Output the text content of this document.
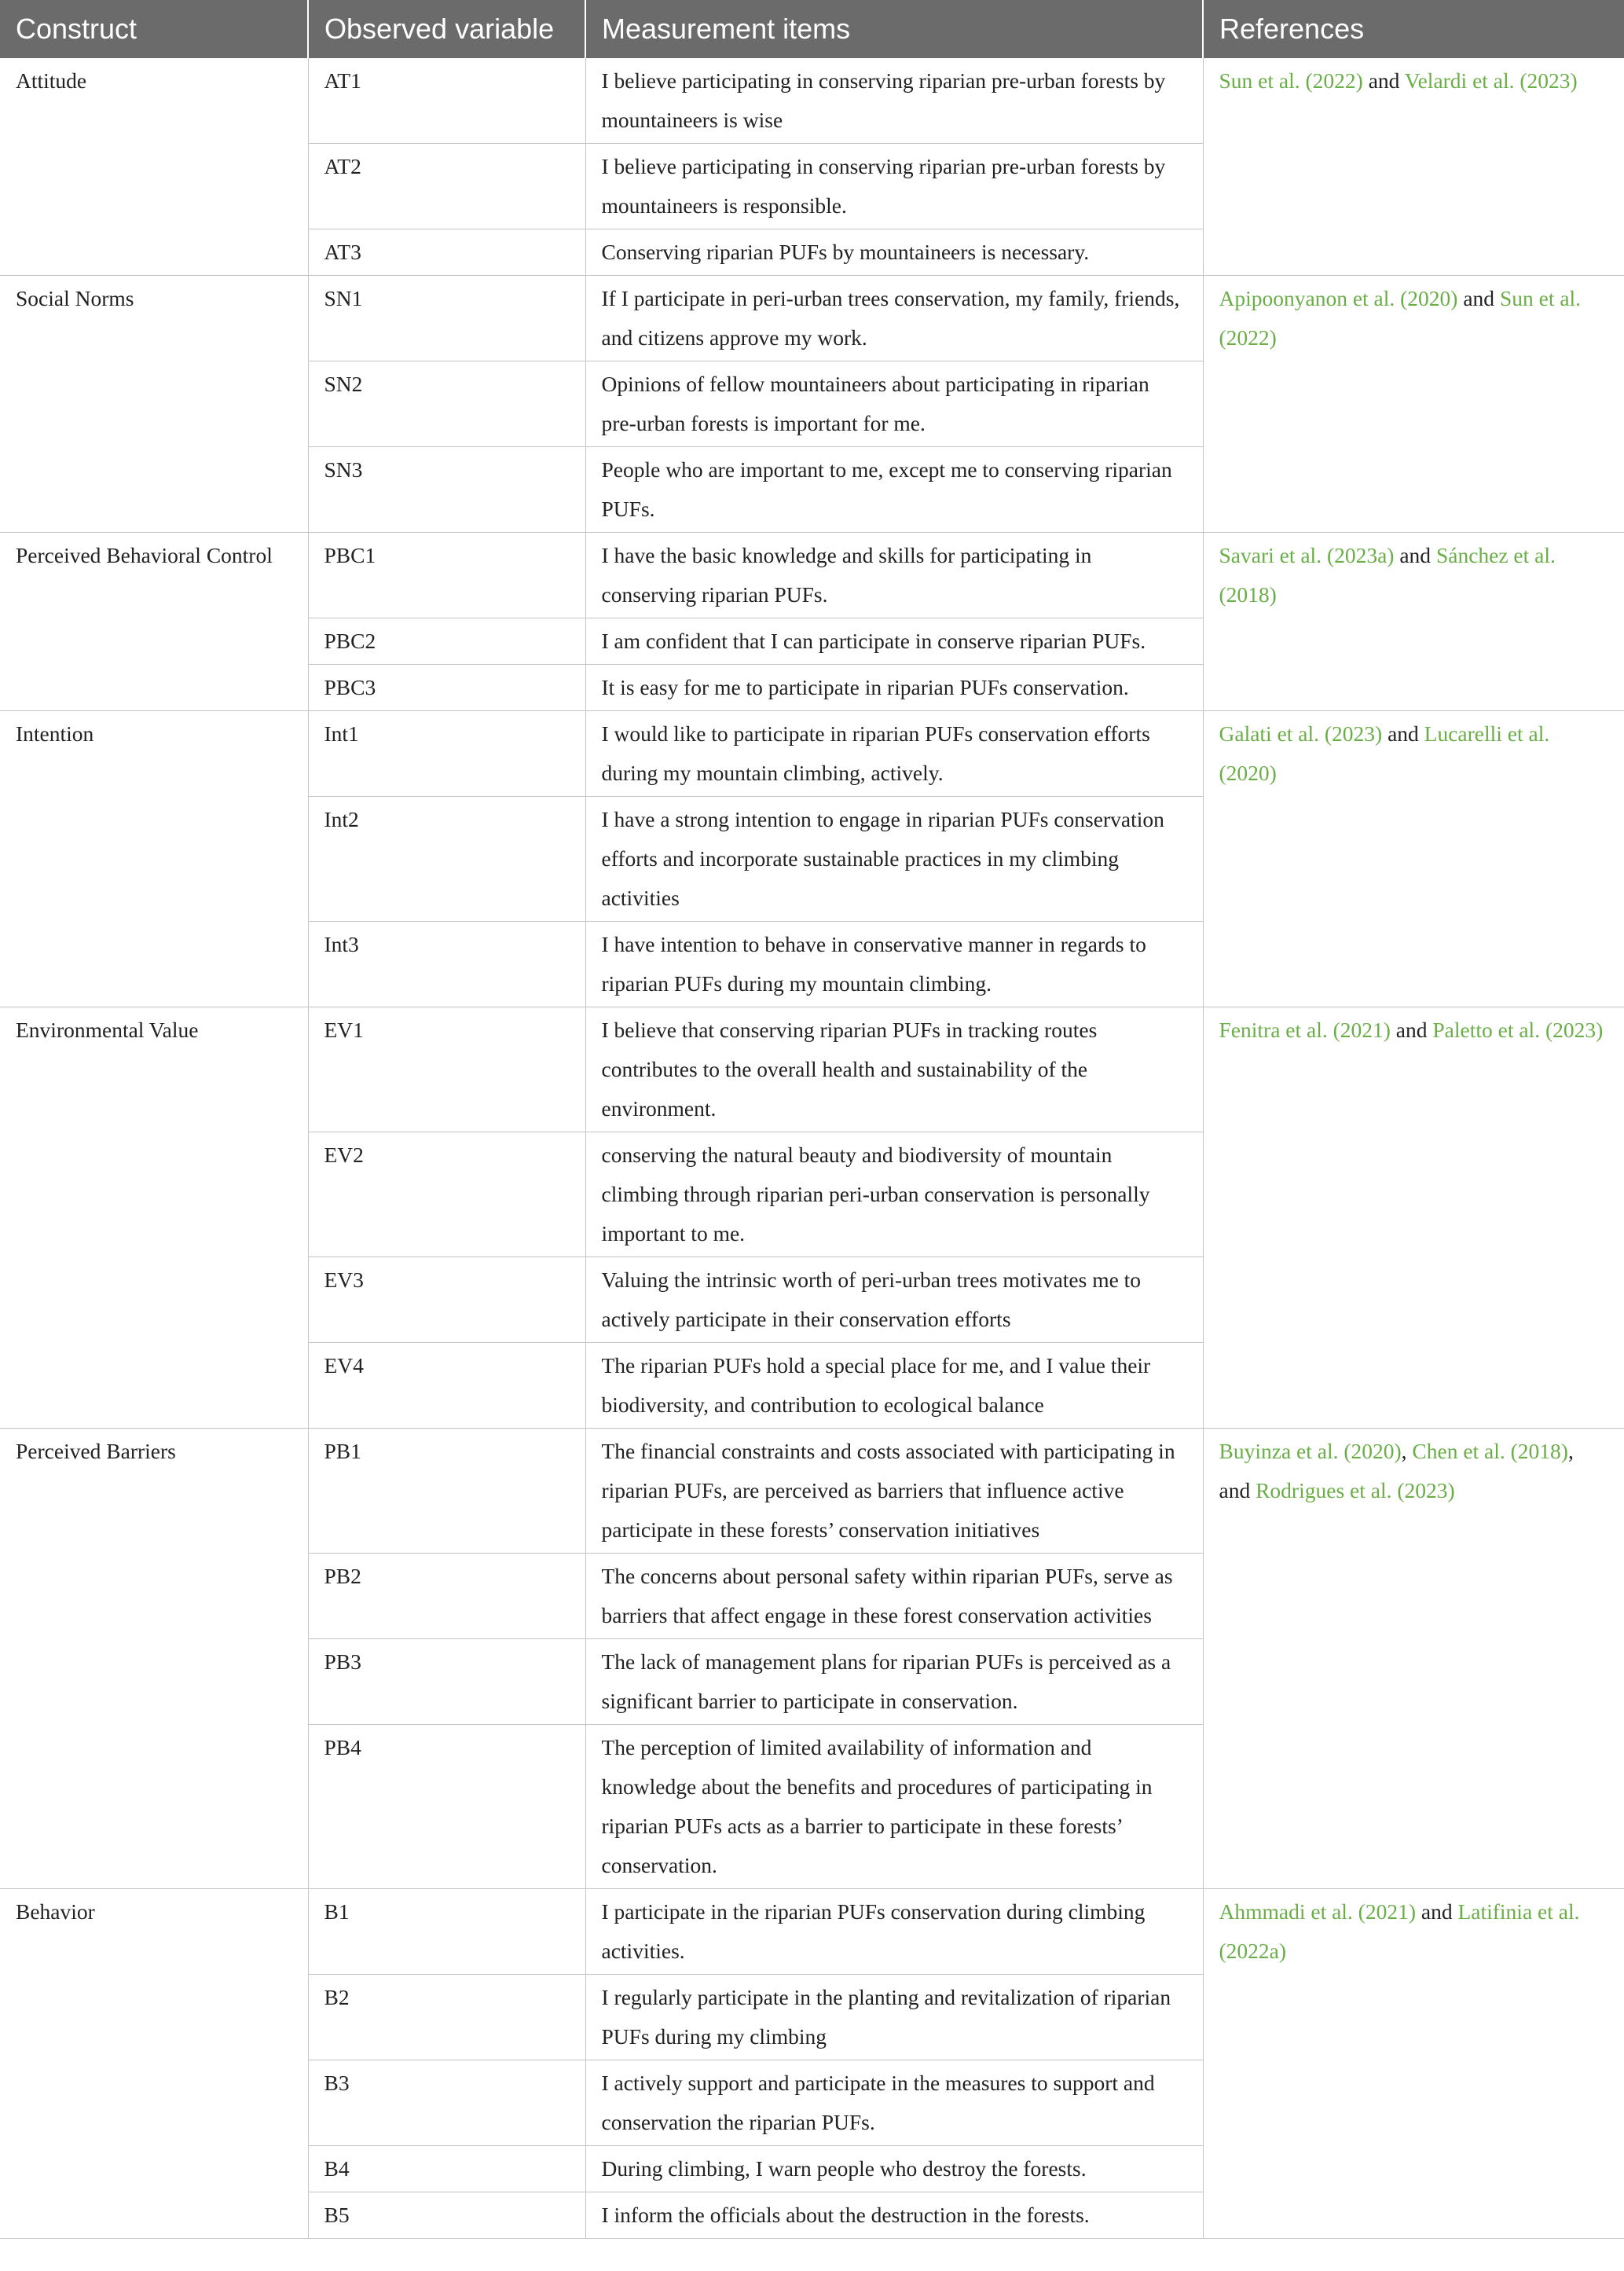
Construct	Observed variable	Measurement items	References
Attitude	AT1	I believe participating in conserving riparian pre-urban forests by mountaineers is wise	Sun et al. (2022) and Velardi et al. (2023)
	AT2	I believe participating in conserving riparian pre-urban forests by mountaineers is responsible.	
	AT3	Conserving riparian PUFs by mountaineers is necessary.	
Social Norms	SN1	If I participate in peri-urban trees conservation, my family, friends, and citizens approve my work.	Apipoonyanon et al. (2020) and Sun et al. (2022)
	SN2	Opinions of fellow mountaineers about participating in riparian pre-urban forests is important for me.	
	SN3	People who are important to me, except me to conserving riparian PUFs.	
Perceived Behavioral Control	PBC1	I have the basic knowledge and skills for participating in conserving riparian PUFs.	Savari et al. (2023a) and Sánchez et al. (2018)
	PBC2	I am confident that I can participate in conserve riparian PUFs.	
	PBC3	It is easy for me to participate in riparian PUFs conservation.	
Intention	Int1	I would like to participate in riparian PUFs conservation efforts during my mountain climbing, actively.	Galati et al. (2023) and Lucarelli et al. (2020)
	Int2	I have a strong intention to engage in riparian PUFs conservation efforts and incorporate sustainable practices in my climbing activities	
	Int3	I have intention to behave in conservative manner in regards to riparian PUFs during my mountain climbing.	
Environmental Value	EV1	I believe that conserving riparian PUFs in tracking routes contributes to the overall health and sustainability of the environment.	Fenitra et al. (2021) and Paletto et al. (2023)
	EV2	conserving the natural beauty and biodiversity of mountain climbing through riparian peri-urban conservation is personally important to me.	
	EV3	Valuing the intrinsic worth of peri-urban trees motivates me to actively participate in their conservation efforts	
	EV4	The riparian PUFs hold a special place for me, and I value their biodiversity, and contribution to ecological balance	
Perceived Barriers	PB1	The financial constraints and costs associated with participating in riparian PUFs, are perceived as barriers that influence active participate in these forests’ conservation initiatives	Buyinza et al. (2020), Chen et al. (2018), and Rodrigues et al. (2023)
	PB2	The concerns about personal safety within riparian PUFs, serve as barriers that affect engage in these forest conservation activities	
	PB3	The lack of management plans for riparian PUFs is perceived as a significant barrier to participate in conservation.	
	PB4	The perception of limited availability of information and knowledge about the benefits and procedures of participating in riparian PUFs acts as a barrier to participate in these forests’ conservation.	
Behavior	B1	I participate in the riparian PUFs conservation during climbing activities.	Ahmmadi et al. (2021) and Latifinia et al. (2022a)
	B2	I regularly participate in the planting and revitalization of riparian PUFs during my climbing	
	B3	I actively support and participate in the measures to support and conservation the riparian PUFs.	
	B4	During climbing, I warn people who destroy the forests.	
	B5	I inform the officials about the destruction in the forests.	
